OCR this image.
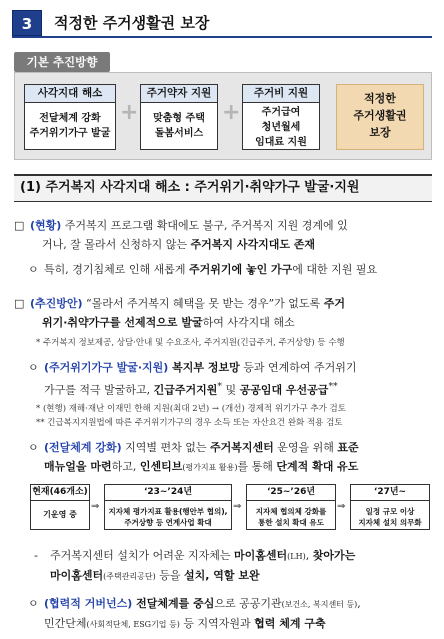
3	적정한 주거생활권 보장
기본 추진방향
사각지대 해소
전달체계 강화
주거위기가구 발굴
+
주거약자 지원
맞춤형 주택
돌봄서비스
+
주거비 지원
주거급여
청년월세
임대료 지원
적정한
주거생활권
보장
(1) 주거복지 사각지대 해소 : 주거위기·취약가구 발굴·지원
□ (현황) 주거복지 프로그램 확대에도 불구, 주거복지 지원 경계에 있
거나, 잘 몰라서 신청하지 않는 주거복지 사각지대도 존재
ㅇ 특히, 경기침체로 인해 새롭게 주거위기에 놓인 가구에 대한 지원 필요
□ (추진방안) “몰라서 주거복지 혜택을 못 받는 경우”가 없도록 주거
위기·취약가구를 선제적으로 발굴하여 사각지대 해소
* 주거복지 정보제공, 상담·안내 및 수요조사, 주거지원(긴급주거, 주거상향) 등 수행
ㅇ (주거위기가구 발굴·지원) 복지부 정보망 등과 연계하여 주거위기
가구를 적극 발굴하고, 긴급주거지원* 및 공공임대 우선공급**
* (현행) 재해·재난 이재민 한해 지원(최대 2년) → (개선) 경제적 위기가구 추가 검토
** 긴급복지지원법에 따른 주거위기가구의 경우 소득 또는 자산요건 완화 적용 검토
ㅇ (전달체계 강화) 지역별 편차 없는 주거복지센터 운영을 위해 표준
매뉴얼을 마련하고, 인센티브(평가지표 활용)를 통해 단계적 확대 유도
현재(46개소)
기운영 중
⇒
‘23~’24년
지자체 평가지표 활용(행안부 협의),
주거상향 등 연계사업 확대
⇒
‘25~’26년
지자체 협의체 강화를
통한 설치 확대 유도
⇒
‘27년~
일정 규모 이상
지자체 설치 의무화
- 주거복지센터 설치가 어려운 지자체는 마이홈센터(LH), 찾아가는
마이홈센터(주택관리공단) 등을 설치, 역할 보완
ㅇ (협력적 거버넌스) 전달체계를 중심으로 공공기관(보건소, 복지센터 등),
민간단체(사회적단체, ESG기업 등) 등 지역자원과 협력 체계 구축
